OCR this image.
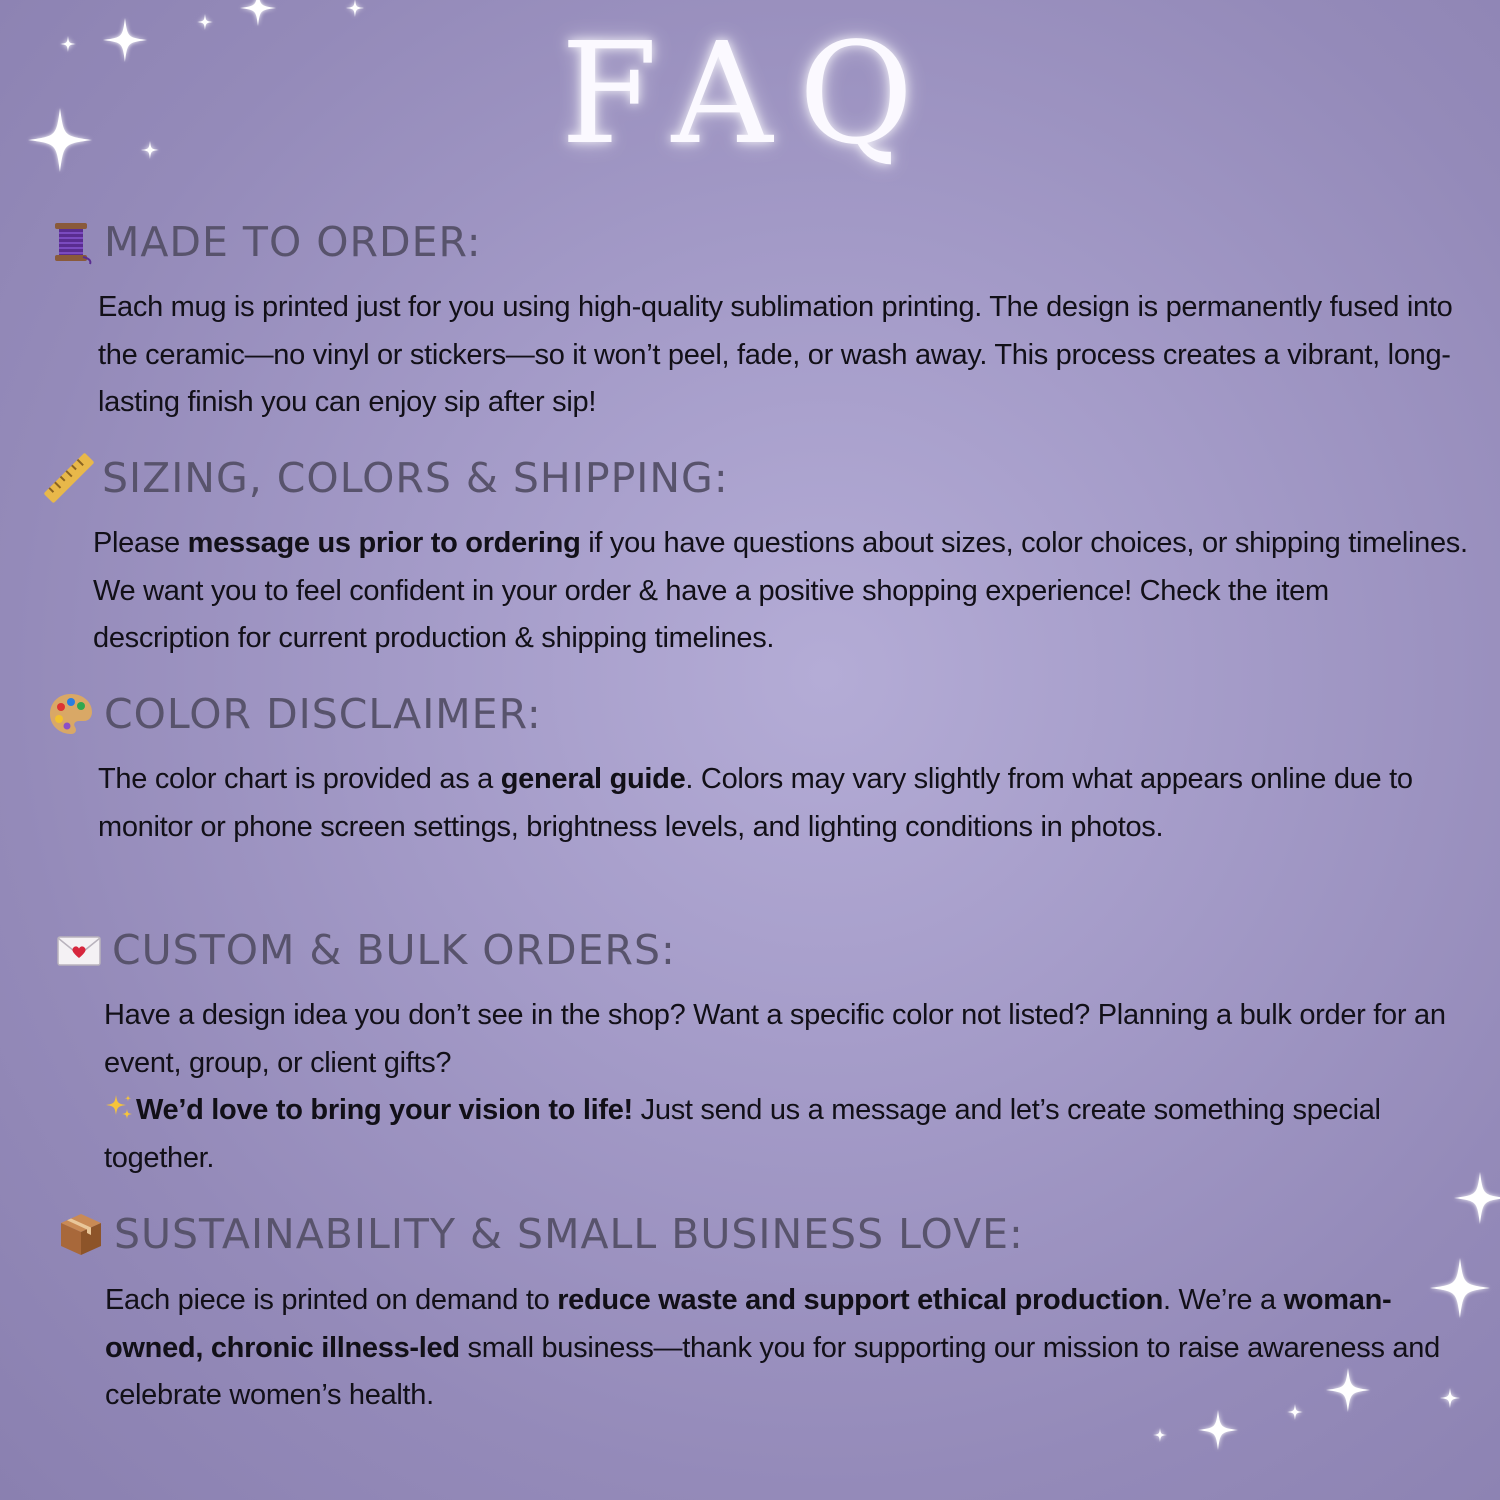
FAQ
MADE TO ORDER:

Each mug is printed just for you using high-quality sublimation printing. The design is permanently fused into the ceramic—no vinyl or stickers—so it won’t peel, fade, or wash away. This process creates a vibrant, long-lasting finish you can enjoy sip after sip!

SIZING, COLORS & SHIPPING:

Please message us prior to ordering if you have questions about sizes, color choices, or shipping timelines. We want you to feel confident in your order & have a positive shopping experience! Check the item description for current production & shipping timelines.

COLOR DISCLAIMER:

The color chart is provided as a general guide. Colors may vary slightly from what appears online due to monitor or phone screen settings, brightness levels, and lighting conditions in photos.

CUSTOM & BULK ORDERS:

Have a design idea you don’t see in the shop? Want a specific color not listed? Planning a bulk order for an event, group, or client gifts?
We’d love to bring your vision to life! Just send us a message and let’s create something special together.

SUSTAINABILITY & SMALL BUSINESS LOVE:

Each piece is printed on demand to reduce waste and support ethical production. We’re a woman-owned, chronic illness-led small business—thank you for supporting our mission to raise awareness and celebrate women’s health.
